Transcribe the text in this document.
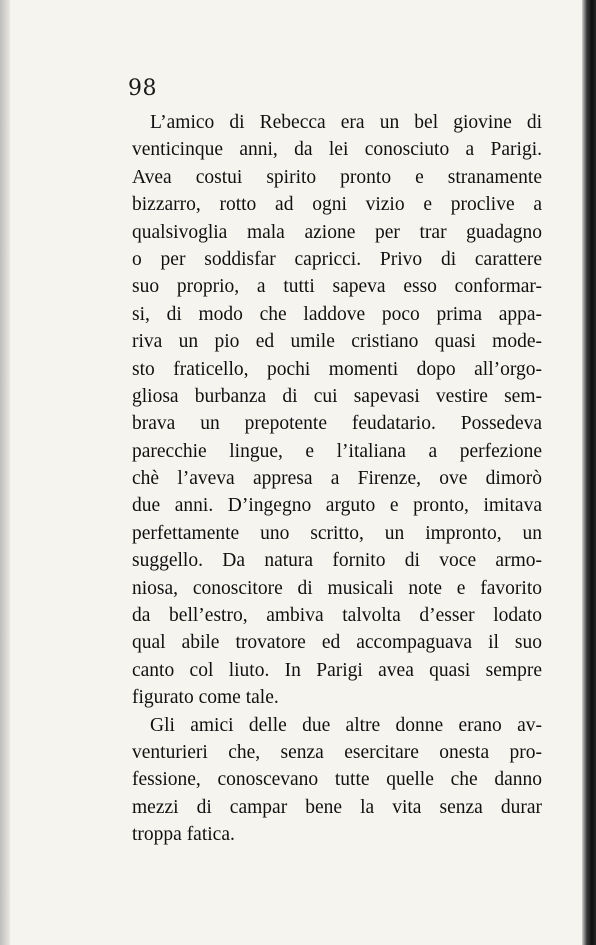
98
L’amico di Rebecca era un bel giovine di
venticinque anni, da lei conosciuto a Parigi.
Avea costui spirito pronto e stranamente
bizzarro, rotto ad ogni vizio e proclive a
qualsivoglia mala azione per trar guadagno
o per soddisfar capricci. Privo di carattere
suo proprio, a tutti sapeva esso conformar-
si, di modo che laddove poco prima appa-
riva un pio ed umile cristiano quasi mode-
sto fraticello, pochi momenti dopo all’orgo-
gliosa burbanza di cui sapevasi vestire sem-
brava un prepotente feudatario. Possedeva
parecchie lingue, e l’italiana a perfezione
chè l’aveva appresa a Firenze, ove dimorò
due anni. D’ingegno arguto e pronto, imitava
perfettamente uno scritto, un impronto, un
suggello. Da natura fornito di voce armo-
niosa, conoscitore di musicali note e favorito
da bell’estro, ambiva talvolta d’esser lodato
qual abile trovatore ed accompaguava il suo
canto col liuto. In Parigi avea quasi sempre
figurato come tale.
Gli amici delle due altre donne erano av-
venturieri che, senza esercitare onesta pro-
fessione, conoscevano tutte quelle che danno
mezzi di campar bene la vita senza durar
troppa fatica.
